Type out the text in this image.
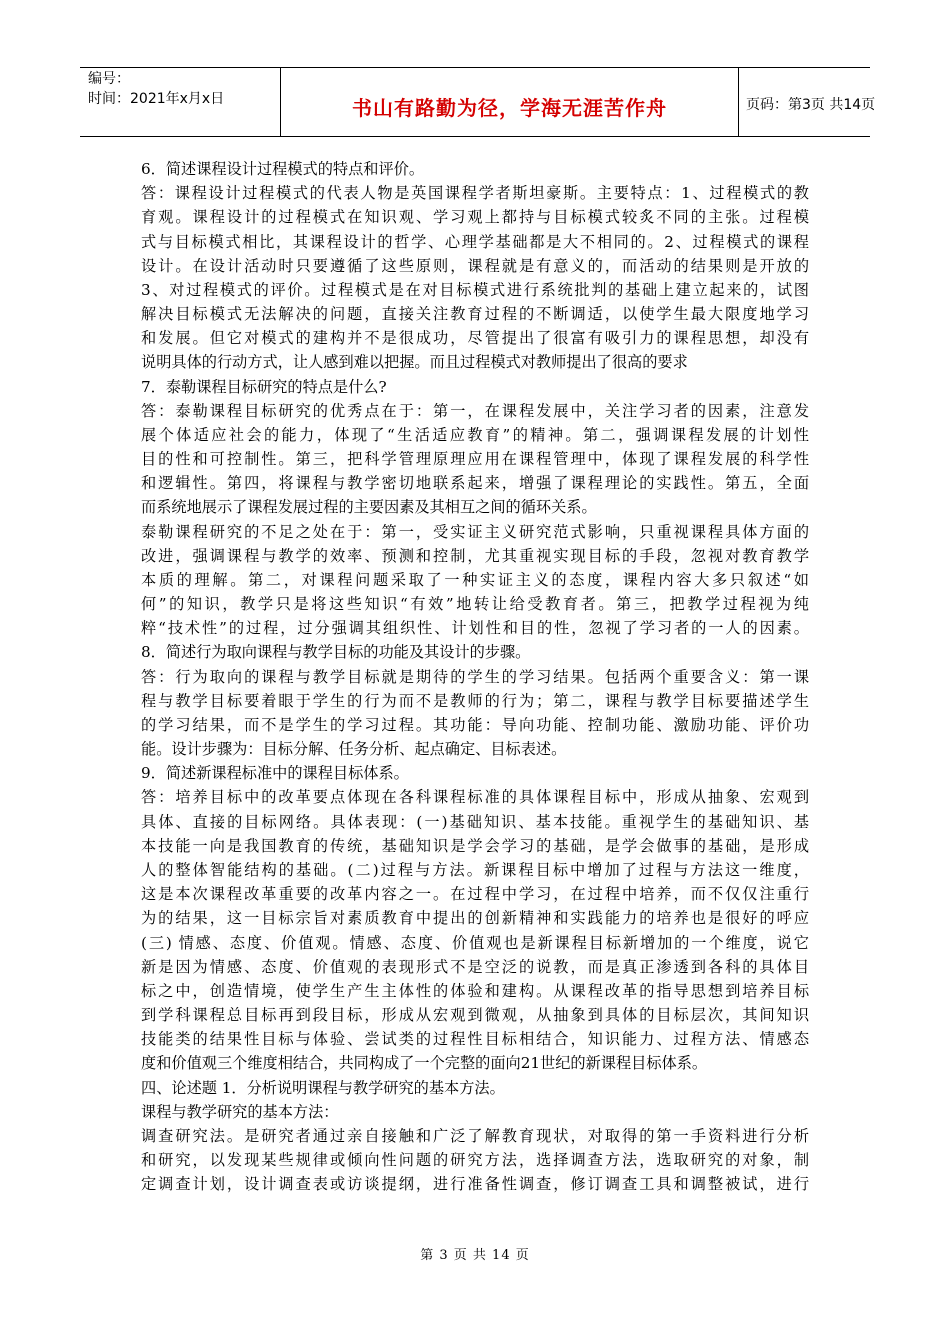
编号：
时间：2021年x月x日	书山有路勤为径，学海无涯苦作舟	页码：第3页 共14页
6．简述课程设计过程模式的特点和评价。
答：课程设计过程模式的代表人物是英国课程学者斯坦豪斯。主要特点：1、过程模式的教
育观。课程设计的过程模式在知识观、学习观上都持与目标模式较炙不同的主张。过程模
式与目标模式相比，其课程设计的哲学、心理学基础都是大不相同的。2、过程模式的课程
设计。在设计活动时只要遵循了这些原则，课程就是有意义的，而活动的结果则是开放的
3、对过程模式的评价。过程模式是在对目标模式进行系统批判的基础上建立起来的，试图
解决目标模式无法解决的问题，直接关注教育过程的不断调适，以使学生最大限度地学习
和发展。但它对模式的建构并不是很成功，尽管提出了很富有吸引力的课程思想，却没有
说明具体的行动方式，让人感到难以把握。而且过程模式对教师提出了很高的要求
7．泰勒课程目标研究的特点是什么?
答：泰勒课程目标研究的优秀点在于：第一，在课程发展中，关注学习者的因素，注意发
展个体适应社会的能力，体现了“生活适应教育”的精神。第二，强调课程发展的计划性
目的性和可控制性。第三，把科学管理原理应用在课程管理中，体现了课程发展的科学性
和逻辑性。第四，将课程与教学密切地联系起来，增强了课程理论的实践性。第五，全面
而系统地展示了课程发展过程的主要因素及其相互之间的循环关系。
泰勒课程研究的不足之处在于：第一，受实证主义研究范式影响，只重视课程具体方面的
改进，强调课程与教学的效率、预测和控制，尤其重视实现目标的手段，忽视对教育教学
本质的理解。第二，对课程问题采取了一种实证主义的态度，课程内容大多只叙述“如
何”的知识，教学只是将这些知识“有效”地转让给受教育者。第三，把教学过程视为纯
粹“技术性”的过程，过分强调其组织性、计划性和目的性，忽视了学习者的一人的因素。
8．简述行为取向课程与教学目标的功能及其设计的步骤。
答：行为取向的课程与教学目标就是期待的学生的学习结果。包括两个重要含义：第一课
程与教学目标要着眼于学生的行为而不是教师的行为；第二，课程与教学目标要描述学生
的学习结果，而不是学生的学习过程。其功能：导向功能、控制功能、激励功能、评价功
能。设计步骤为：目标分解、任务分析、起点确定、目标表述。
9．简述新课程标准中的课程目标体系。
答：培养目标中的改革要点体现在各科课程标准的具体课程目标中，形成从抽象、宏观到
具体、直接的目标网络。具体表现：(一)基础知识、基本技能。重视学生的基础知识、基
本技能一向是我国教育的传统，基础知识是学会学习的基础，是学会做事的基础，是形成
人的整体智能结构的基础。(二)过程与方法。新课程目标中增加了过程与方法这一维度，
这是本次课程改革重要的改革内容之一。在过程中学习，在过程中培养，而不仅仅注重行
为的结果，这一目标宗旨对素质教育中提出的创新精神和实践能力的培养也是很好的呼应
(三) 情感、态度、价值观。情感、态度、价值观也是新课程目标新增加的一个维度，说它
新是因为情感、态度、价值观的表现形式不是空泛的说教，而是真正渗透到各科的具体目
标之中，创造情境，使学生产生主体性的体验和建构。从课程改革的指导思想到培养目标
到学科课程总目标再到段目标，形成从宏观到微观，从抽象到具体的目标层次，其间知识
技能类的结果性目标与体验、尝试类的过程性目标相结合，知识能力、过程方法、情感态
度和价值观三个维度相结合，共同构成了一个完整的面向21世纪的新课程目标体系。
四、论述题 1．分析说明课程与教学研究的基本方法。
课程与教学研究的基本方法：
调查研究法。是研究者通过亲自接触和广泛了解教育现状，对取得的第一手资料进行分析
和研究，以发现某些规律或倾向性问题的研究方法，选择调查方法，选取研究的对象，制
定调查计划，设计调查表或访谈提纲，进行准备性调查，修订调查工具和调整被试，进行
第 3 页 共 14 页
